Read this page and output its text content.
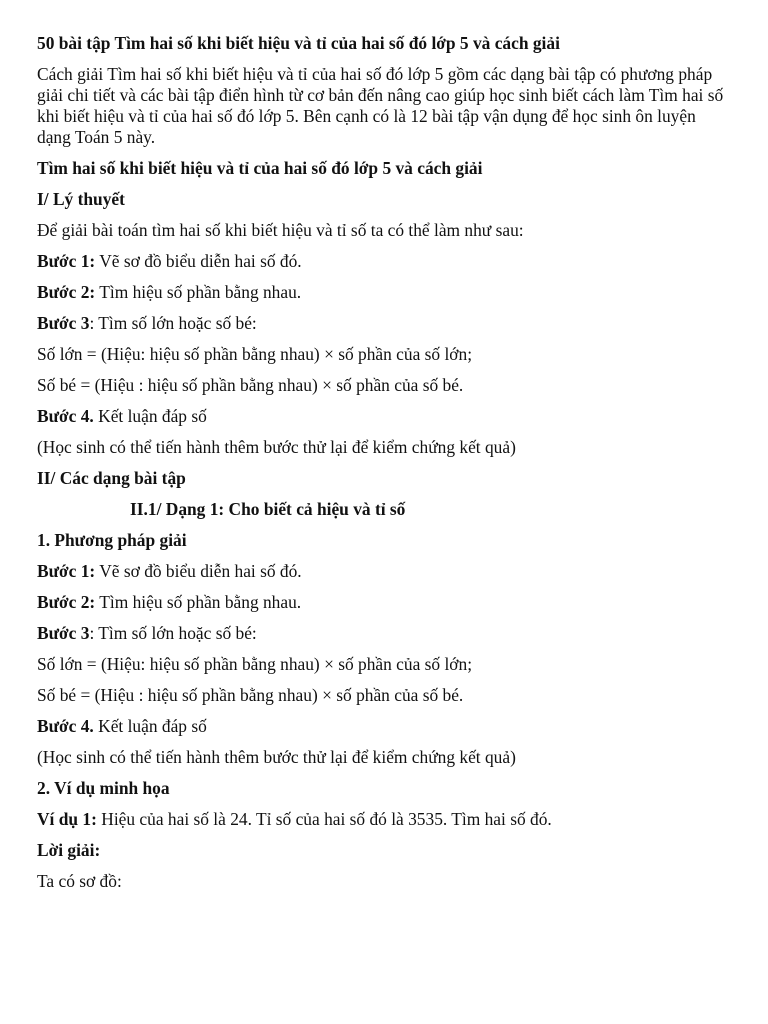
50 bài tập Tìm hai số khi biết hiệu và tỉ của hai số đó lớp 5 và cách giải
Cách giải Tìm hai số khi biết hiệu và tỉ của hai số đó lớp 5 gồm các dạng bài tập có phương pháp giải chi tiết và các bài tập điển hình từ cơ bản đến nâng cao giúp học sinh biết cách làm Tìm hai số khi biết hiệu và tỉ của hai số đó lớp 5. Bên cạnh có là 12 bài tập vận dụng để học sinh ôn luyện dạng Toán 5 này.
Tìm hai số khi biết hiệu và tỉ của hai số đó lớp 5 và cách giải
I/ Lý thuyết
Để giải bài toán tìm hai số khi biết hiệu và tỉ số ta có thể làm như sau:
Bước 1: Vẽ sơ đồ biểu diễn hai số đó.
Bước 2: Tìm hiệu số phần bằng nhau.
Bước 3: Tìm số lớn hoặc số bé:
Số lớn = (Hiệu: hiệu số phần bằng nhau) × số phần của số lớn;
Số bé = (Hiệu : hiệu số phần bằng nhau) × số phần của số bé.
Bước 4. Kết luận đáp số
(Học sinh có thể tiến hành thêm bước thử lại để kiểm chứng kết quả)
II/ Các dạng bài tập
II.1/ Dạng 1: Cho biết cả hiệu và tỉ số
1. Phương pháp giải
Bước 1: Vẽ sơ đồ biểu diễn hai số đó.
Bước 2: Tìm hiệu số phần bằng nhau.
Bước 3: Tìm số lớn hoặc số bé:
Số lớn = (Hiệu: hiệu số phần bằng nhau) × số phần của số lớn;
Số bé = (Hiệu : hiệu số phần bằng nhau) × số phần của số bé.
Bước 4. Kết luận đáp số
(Học sinh có thể tiến hành thêm bước thử lại để kiểm chứng kết quả)
2. Ví dụ minh họa
Ví dụ 1: Hiệu của hai số là 24. Tỉ số của hai số đó là 3535. Tìm hai số đó.
Lời giải:
Ta có sơ đồ:
